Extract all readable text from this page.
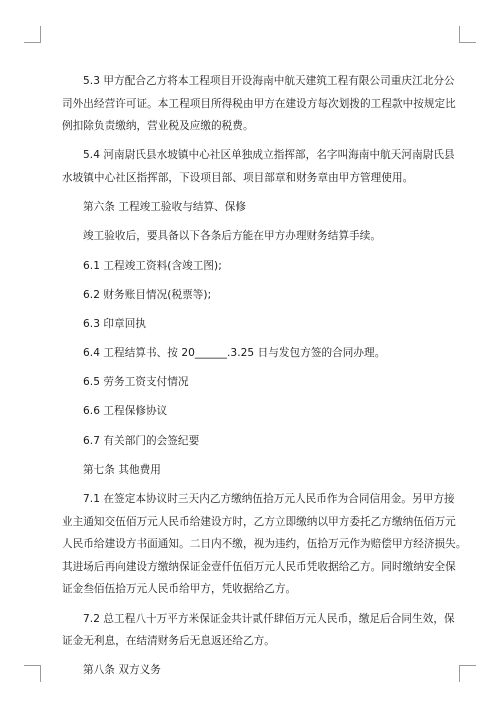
5.3 甲方配合乙方将本工程项目开设海南中航天建筑工程有限公司重庆江北分公

司外出经营许可证。本工程项目所得税由甲方在建设方每次划拨的工程款中按规定比

例扣除负责缴纳，营业税及应缴的税费。

5.4 河南尉氏县水坡镇中心社区单独成立指挥部，名字叫海南中航天河南尉氏县

水坡镇中心社区指挥部，下设项目部、项目部章和财务章由甲方管理使用。

第六条 工程竣工验收与结算、保修

竣工验收后，要具备以下各条后方能在甲方办理财务结算手续。

6.1 工程竣工资料(含竣工图);

6.2 财务账目情况(税票等);

6.3 印章回执

6.4 工程结算书、按 20______.3.25 日与发包方签的合同办理。

6.5 劳务工资支付情况

6.6 工程保修协议

6.7 有关部门的会签纪要

第七条 其他费用

7.1 在签定本协议时三天内乙方缴纳伍拾万元人民币作为合同信用金。另甲方接

业主通知交伍佰万元人民币给建设方时，乙方立即缴纳以甲方委托乙方缴纳伍佰万元

人民币给建设方书面通知。二日内不缴，视为违约，伍拾万元作为赔偿甲方经济损失。

其进场后再向建设方缴纳保证金壹仟伍佰万元人民币凭收据给乙方。同时缴纳安全保

证金叁佰伍拾万元人民币给甲方，凭收据给乙方。

7.2 总工程八十万平方米保证金共计贰仟肆佰万元人民币，缴足后合同生效，保

证金无利息，在结清财务后无息返还给乙方。

第八条 双方义务
